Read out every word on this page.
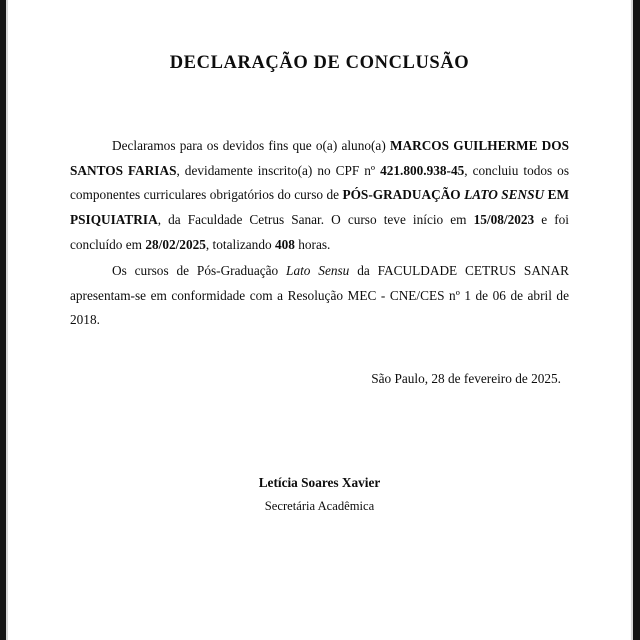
DECLARAÇÃO DE CONCLUSÃO

Declaramos para os devidos fins que o(a) aluno(a) MARCOS GUILHERME DOS SANTOS FARIAS, devidamente inscrito(a) no CPF nº 421.800.938-45, concluiu todos os componentes curriculares obrigatórios do curso de PÓS-GRADUAÇÃO LATO SENSU EM PSIQUIATRIA, da Faculdade Cetrus Sanar. O curso teve início em 15/08/2023 e foi concluído em 28/02/2025, totalizando 408 horas.

Os cursos de Pós-Graduação Lato Sensu da FACULDADE CETRUS SANAR apresentam-se em conformidade com a Resolução MEC - CNE/CES nº 1 de 06 de abril de 2018.

São Paulo, 28 de fevereiro de 2025.
Letícia Soares Xavier
Secretária Acadêmica
